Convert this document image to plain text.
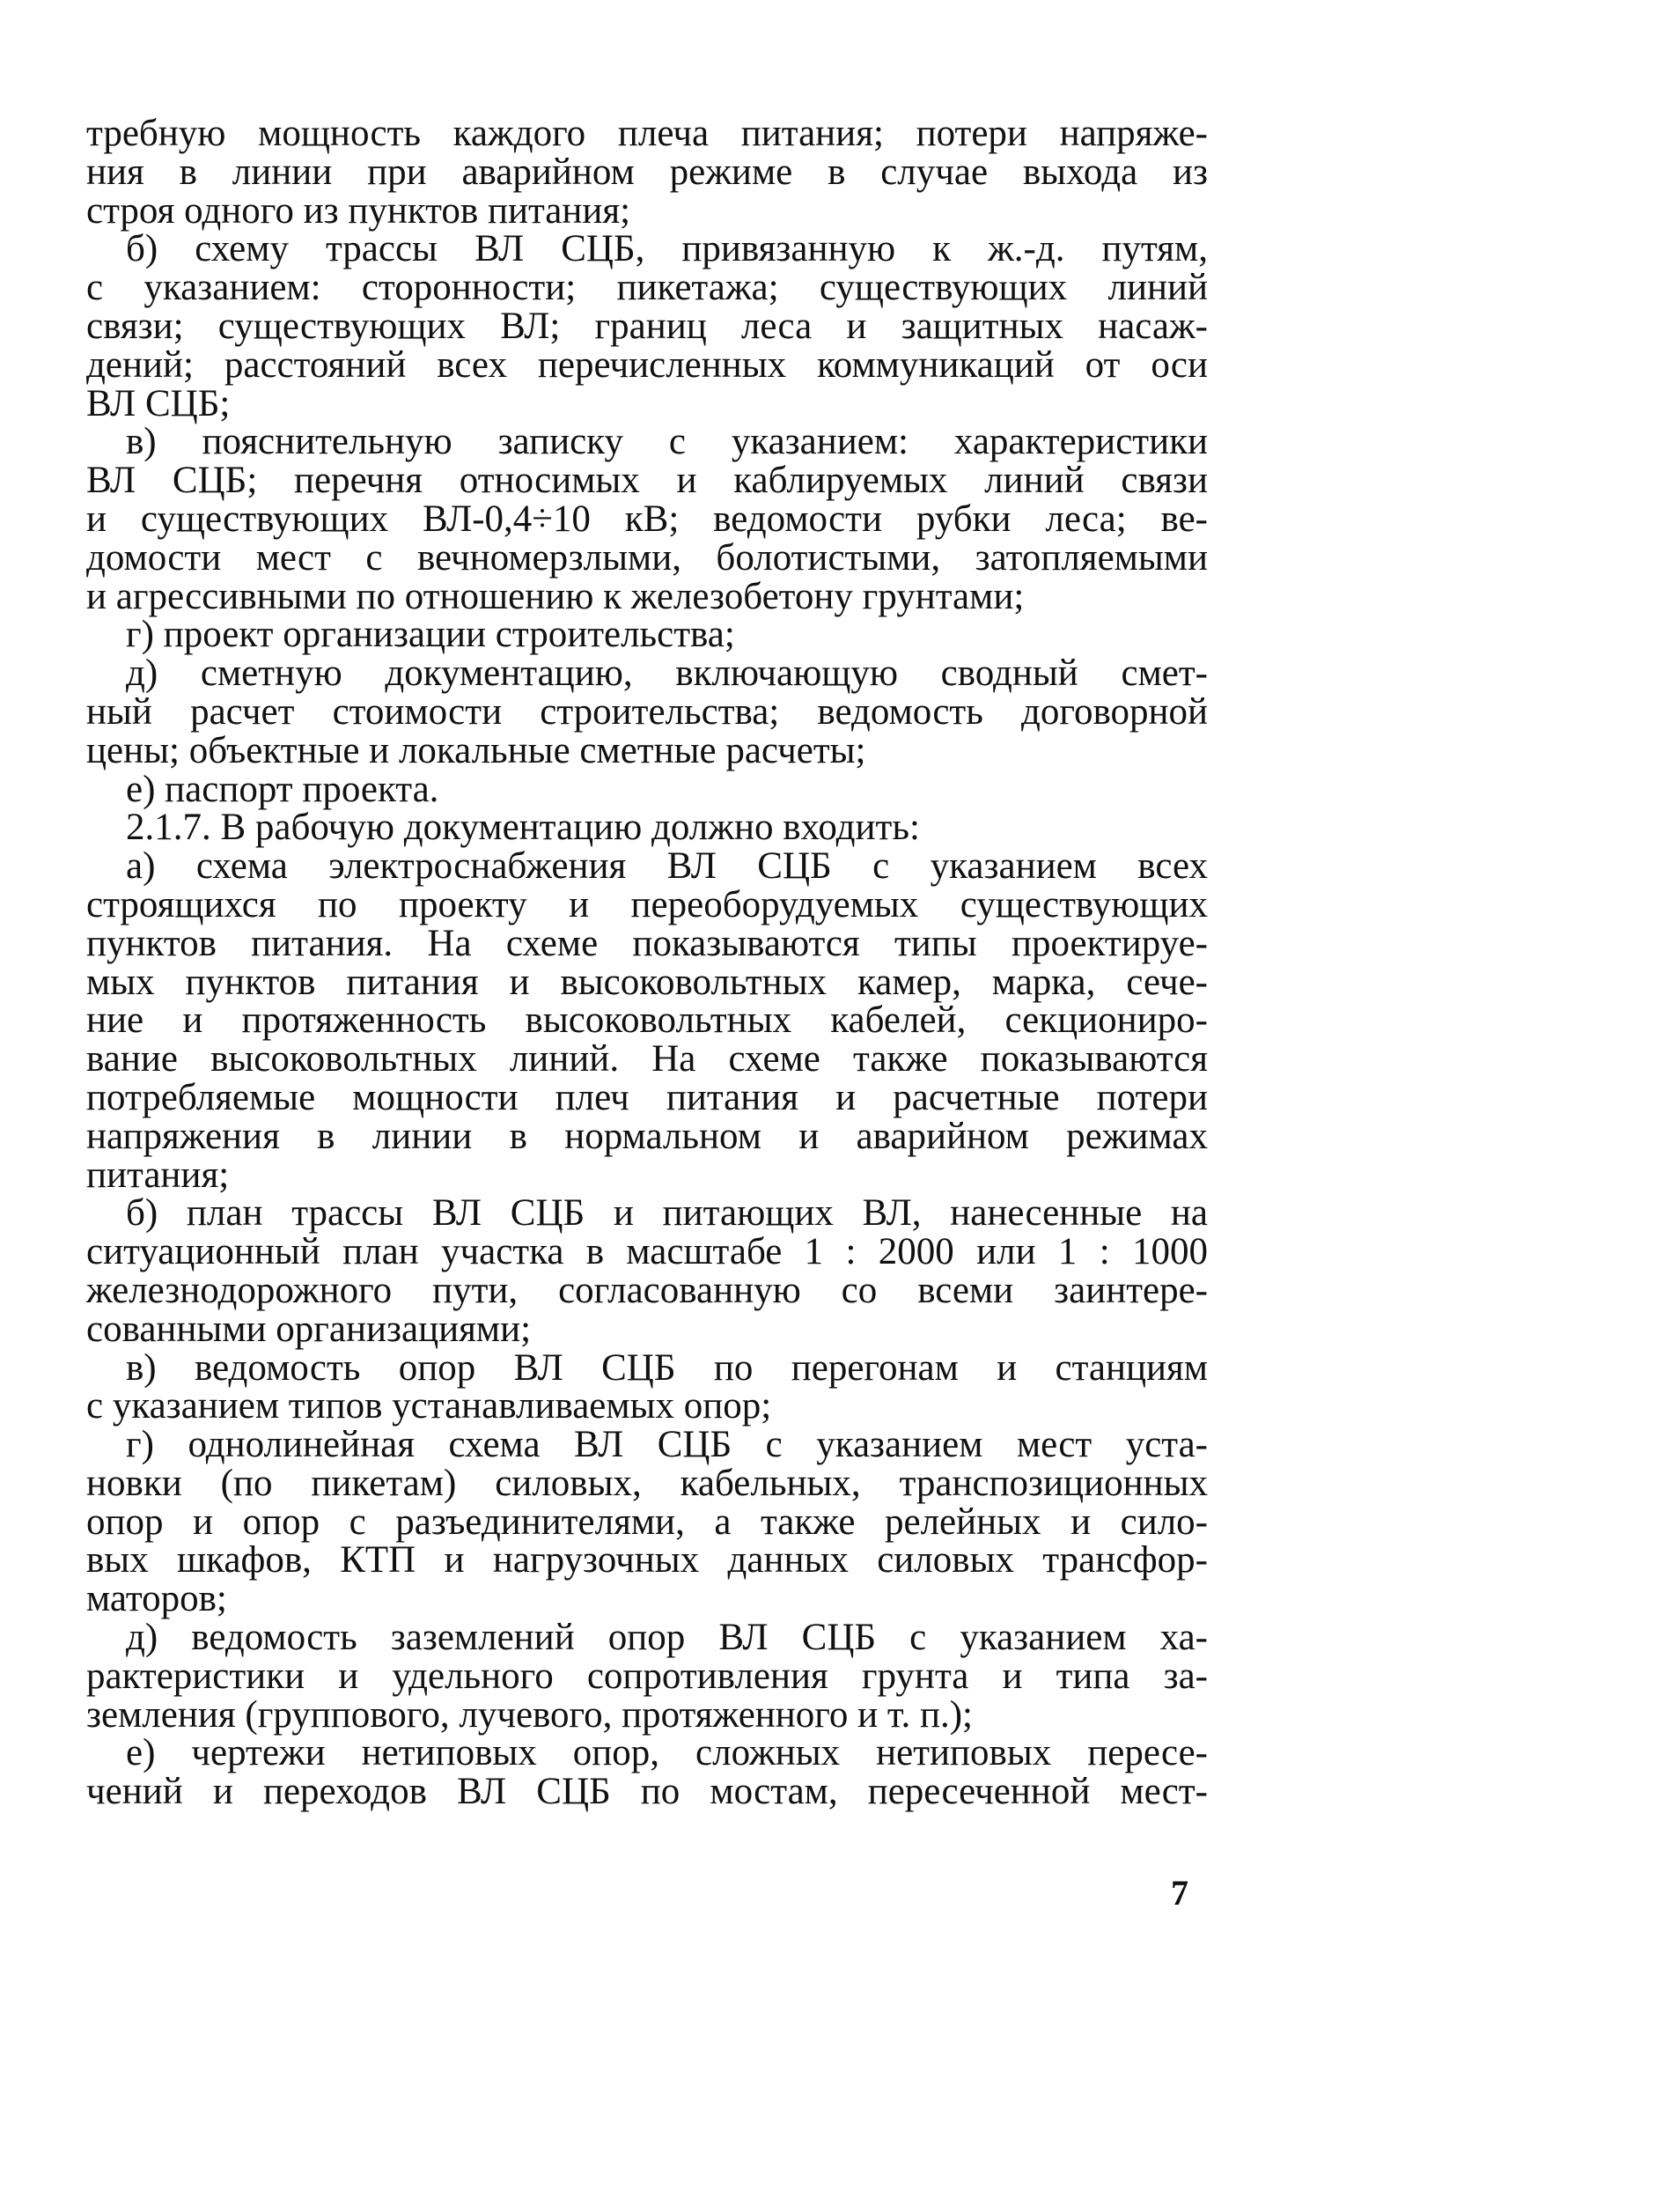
требную мощность каждого плеча питания; потери напряже-
ния в линии при аварийном режиме в случае выхода из
строя одного из пунктов питания;
б) схему трассы ВЛ СЦБ, привязанную к ж.-д. путям,
с указанием: сторонности; пикетажа; существующих линий
связи; существующих ВЛ; границ леса и защитных насаж-
дений; расстояний всех перечисленных коммуникаций от оси
ВЛ СЦБ;
в) пояснительную записку с указанием: характеристики
ВЛ СЦБ; перечня относимых и каблируемых линий связи
и существующих ВЛ-0,4÷10 кВ; ведомости рубки леса; ве-
домости мест с вечномерзлыми, болотистыми, затопляемыми
и агрессивными по отношению к железобетону грунтами;
г) проект организации строительства;
д) сметную документацию, включающую сводный смет-
ный расчет стоимости строительства; ведомость договорной
цены; объектные и локальные сметные расчеты;
е) паспорт проекта.
2.1.7. В рабочую документацию должно входить:
а) схема электроснабжения ВЛ СЦБ с указанием всех
строящихся по проекту и переоборудуемых существующих
пунктов питания. На схеме показываются типы проектируе-
мых пунктов питания и высоковольтных камер, марка, сече-
ние и протяженность высоковольтных кабелей, секциониро-
вание высоковольтных линий. На схеме также показываются
потребляемые мощности плеч питания и расчетные потери
напряжения в линии в нормальном и аварийном режимах
питания;
б) план трассы ВЛ СЦБ и питающих ВЛ, нанесенные на
ситуационный план участка в масштабе 1 : 2000 или 1 : 1000
железнодорожного пути, согласованную со всеми заинтере-
сованными организациями;
в) ведомость опор ВЛ СЦБ по перегонам и станциям
с указанием типов устанавливаемых опор;
г) однолинейная схема ВЛ СЦБ с указанием мест уста-
новки (по пикетам) силовых, кабельных, транспозиционных
опор и опор с разъединителями, а также релейных и сило-
вых шкафов, КТП и нагрузочных данных силовых трансфор-
маторов;
д) ведомость заземлений опор ВЛ СЦБ с указанием ха-
рактеристики и удельного сопротивления грунта и типа за-
земления (группового, лучевого, протяженного и т. п.);
е) чертежи нетиповых опор, сложных нетиповых пересе-
чений и переходов ВЛ СЦБ по мостам, пересеченной мест-
7
